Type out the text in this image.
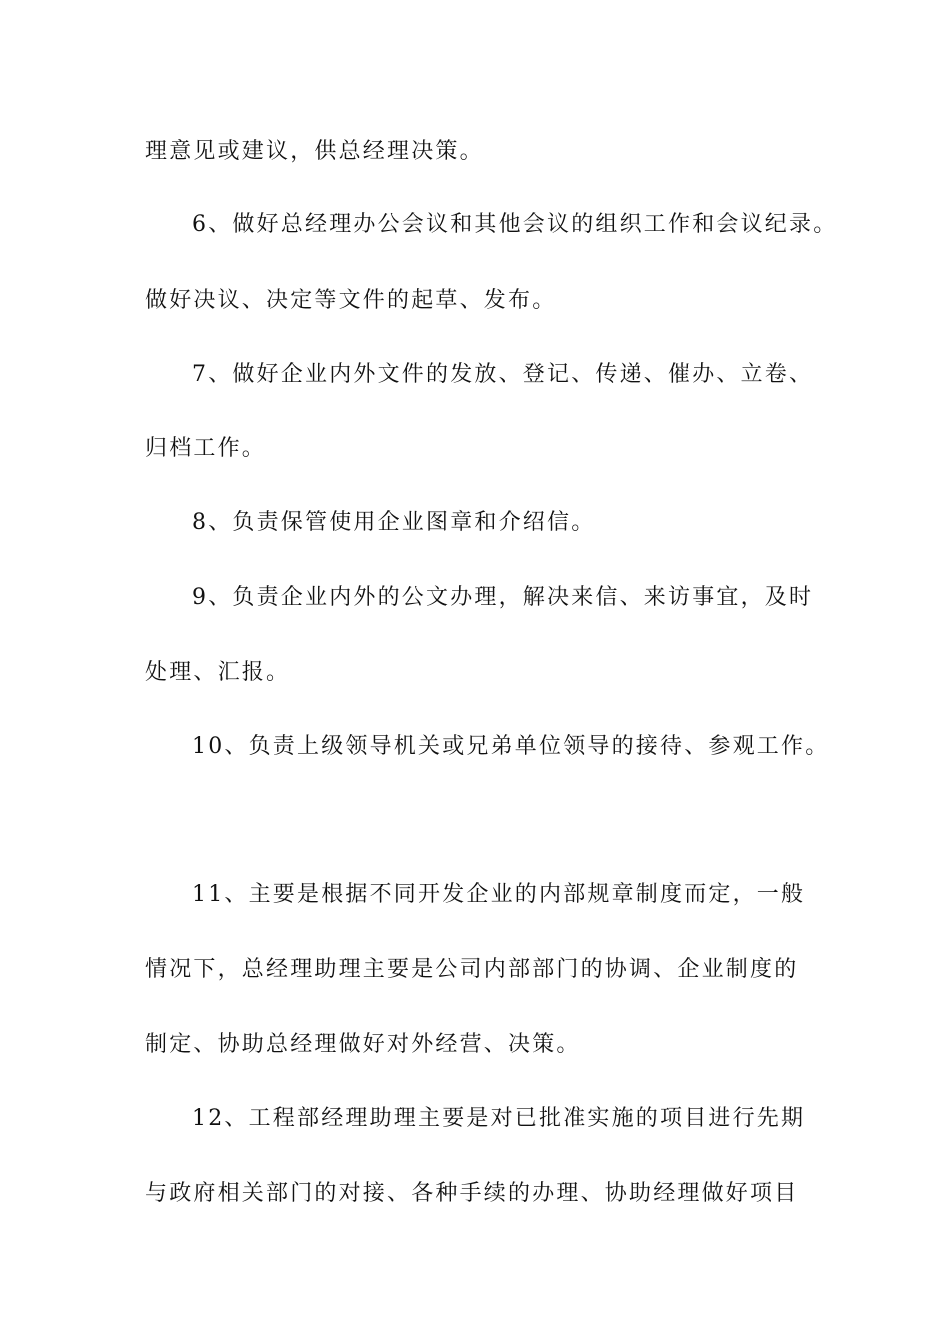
理意见或建议，供总经理决策。
6、做好总经理办公会议和其他会议的组织工作和会议纪录。
做好决议、决定等文件的起草、发布。
7、做好企业内外文件的发放、登记、传递、催办、立卷、
归档工作。
8、负责保管使用企业图章和介绍信。
9、负责企业内外的公文办理，解决来信、来访事宜，及时
处理、汇报。
10、负责上级领导机关或兄弟单位领导的接待、参观工作。
11、主要是根据不同开发企业的内部规章制度而定，一般
情况下，总经理助理主要是公司内部部门的协调、企业制度的
制定、协助总经理做好对外经营、决策。
12、工程部经理助理主要是对已批准实施的项目进行先期
与政府相关部门的对接、各种手续的办理、协助经理做好项目
